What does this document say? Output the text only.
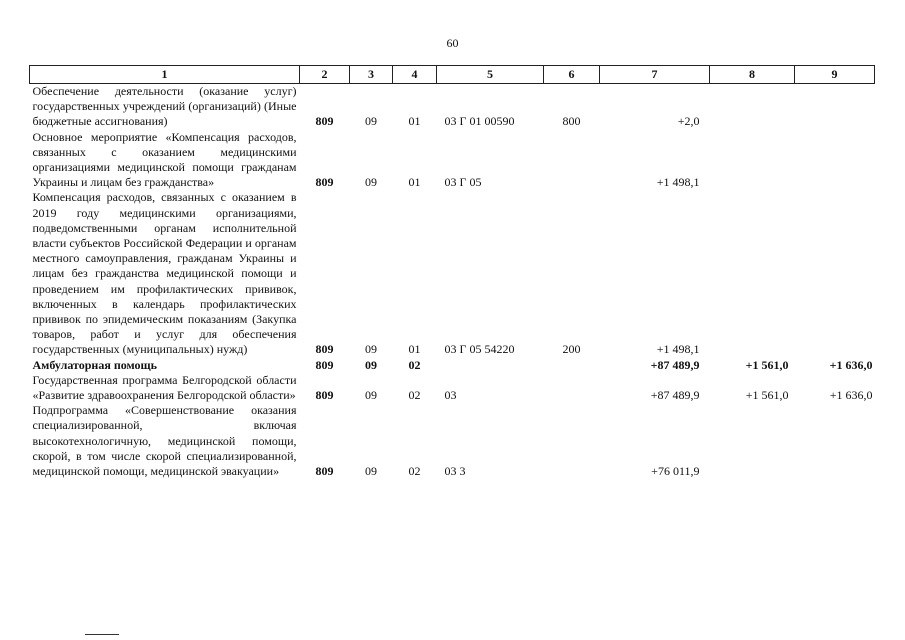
60
1	2	3	4	5	6	7	8	9
Обеспечение деятельности (оказание услуг) государственных учреждений (организаций) (Иные бюджетные ассигнования)	809	09	01	03 Г 01 00590	800	+2,0		
Основное мероприятие «Компенсация расходов, связанных с оказанием медицинскими организациями медицинской помощи гражданам Украины и лицам без гражданства»	809	09	01	03 Г 05		+1 498,1		
Компенсация расходов, связанных с оказанием в 2019 году медицинскими организациями, подведомственными органам исполнительной власти субъектов Российской Федерации и органам местного самоуправления, гражданам Украины и лицам без гражданства медицинской помощи и проведением им профилактических прививок, включенных в календарь профилактических прививок по эпидемическим показаниям (Закупка товаров, работ и услуг для обеспечения государственных (муниципальных) нужд)	809	09	01	03 Г 05 54220	200	+1 498,1		
Амбулаторная помощь	809	09	02			+87 489,9	+1 561,0	+1 636,0
Государственная программа Белгородской области «Развитие здравоохранения Белгородской области»	809	09	02	03		+87 489,9	+1 561,0	+1 636,0
Подпрограмма «Совершенствование оказания специализированной, включая высокотехнологичную, медицинской помощи, скорой, в том числе скорой специализированной, медицинской помощи, медицинской эвакуации»	809	09	02	03 3		+76 011,9		
